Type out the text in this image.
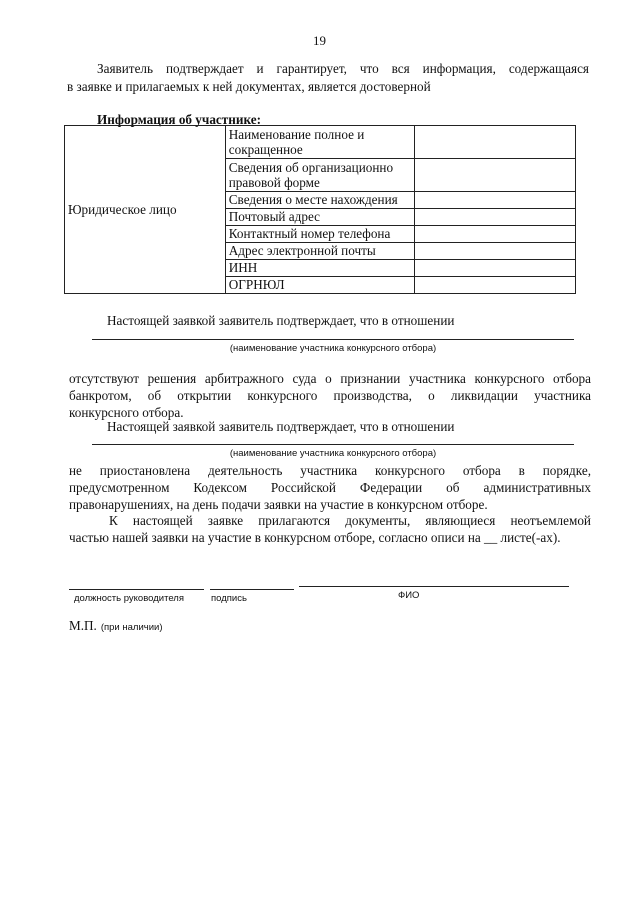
19
Заявитель подтверждает и гарантирует, что вся информация, содержащаяся
в заявке и прилагаемых к ней документах, является достоверной
Информация об участнике:
Юридическое лицо	Наименование полное и сокращенное	
	Сведения об организационно правовой форме	
	Сведения о месте нахождения	
	Почтовый адрес	
	Контактный номер телефона	
	Адрес электронной почты	
	ИНН	
	ОГРНЮЛ	
Настоящей заявкой заявитель подтверждает, что в отношении
(наименование участника конкурсного отбора)
отсутствуют решения арбитражного суда о признании участника конкурсного отбора
банкротом, об открытии конкурсного производства, о ликвидации участника
конкурсного отбора.
Настоящей заявкой заявитель подтверждает, что в отношении
(наименование участника конкурсного отбора)
не приостановлена деятельность участника конкурсного отбора в порядке,
предусмотренном Кодексом Российской Федерации об административных
правонарушениях, на день подачи заявки на участие в конкурсном отборе.
К настоящей заявке прилагаются документы, являющиеся неотъемлемой
частью нашей заявки на участие в конкурсном отборе, согласно описи на __ листе(-ах).
должность руководителя	подпись	ФИО
М.П. (при наличии)
